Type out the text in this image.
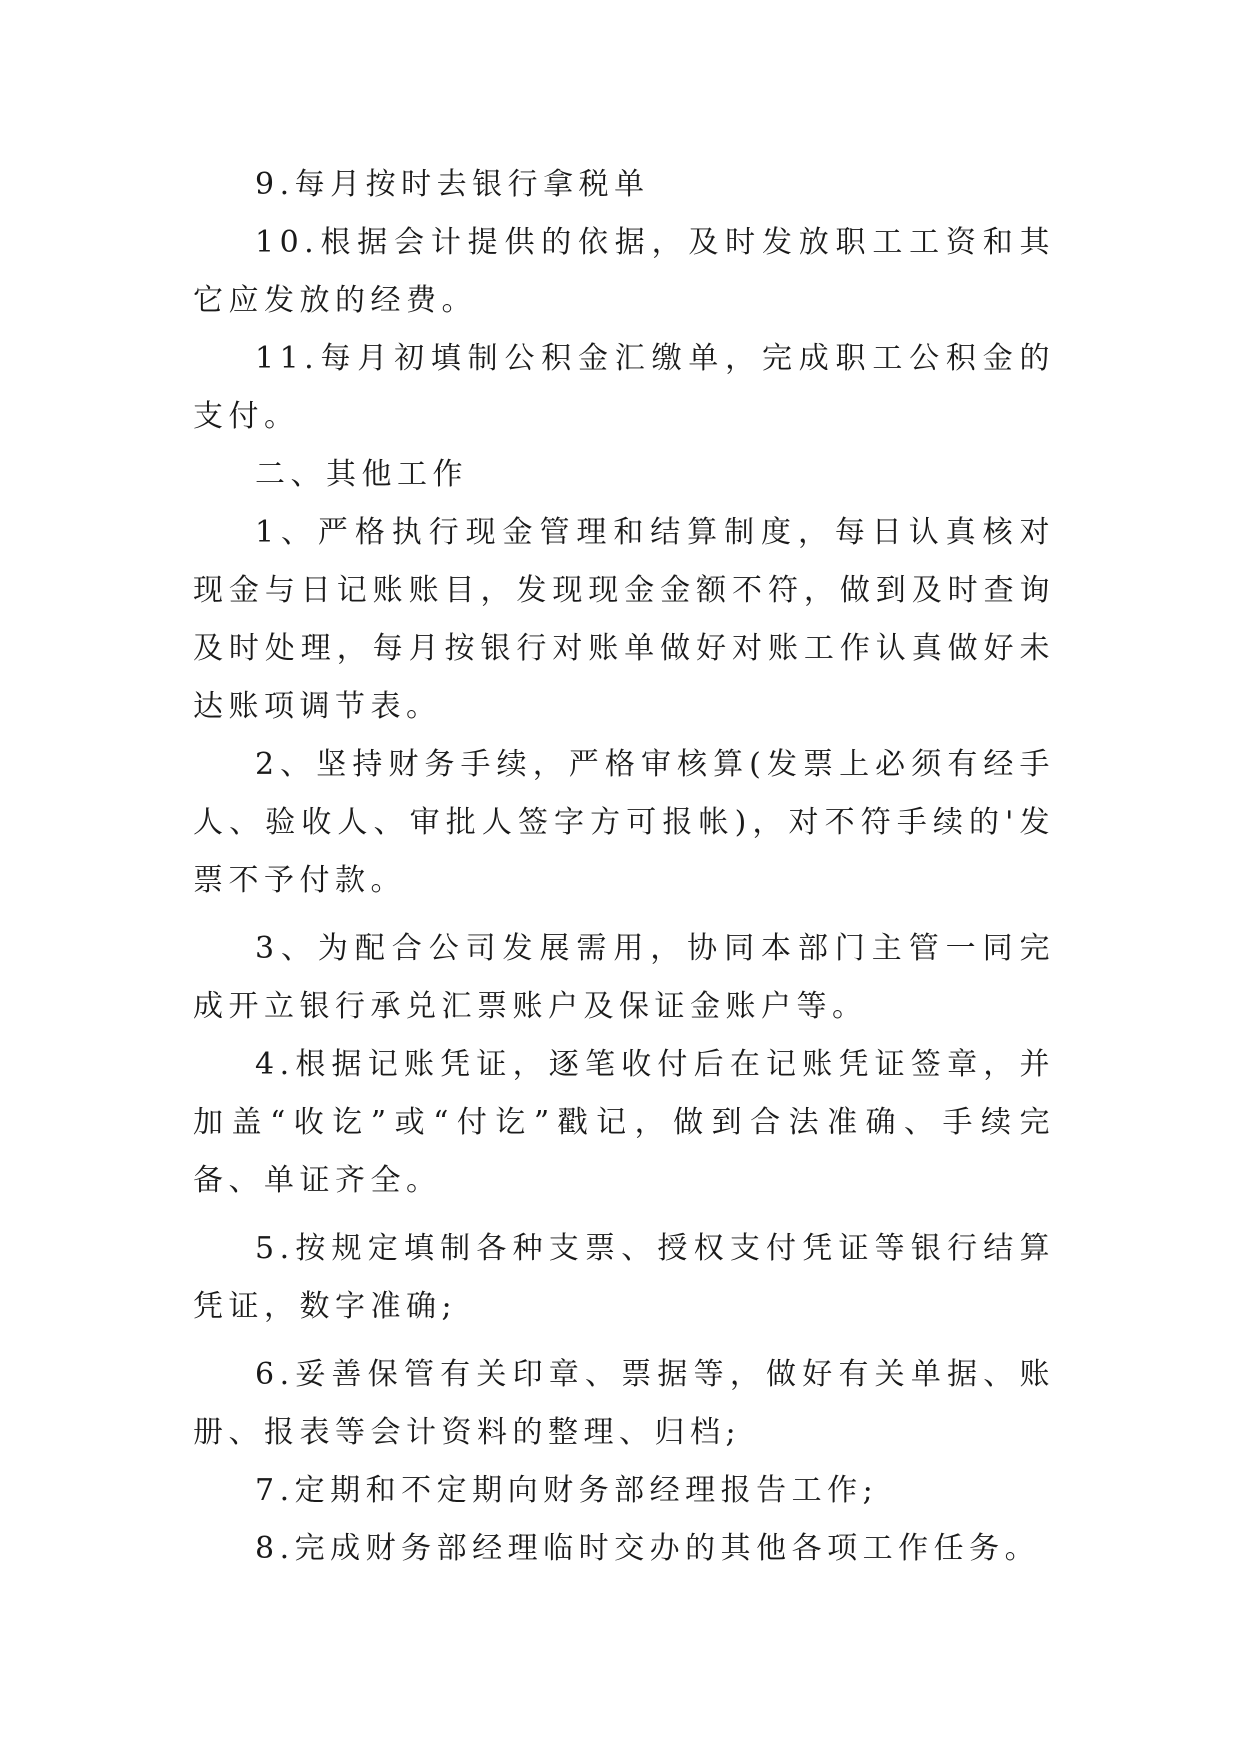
9.每月按时去银行拿税单

10.根据会计提供的依据，及时发放职工工资和其它应发放的经费。

11.每月初填制公积金汇缴单，完成职工公积金的支付。

二、其他工作

1、严格执行现金管理和结算制度，每日认真核对现金与日记账账目，发现现金金额不符，做到及时查询及时处理，每月按银行对账单做好对账工作认真做好未达账项调节表。

2、坚持财务手续，严格审核算(发票上必须有经手人、验收人、审批人签字方可报帐)，对不符手续的'发票不予付款。

3、为配合公司发展需用，协同本部门主管一同完成开立银行承兑汇票账户及保证金账户等。

4.根据记账凭证，逐笔收付后在记账凭证签章，并加盖“收讫”或“付讫”戳记，做到合法准确、手续完备、单证齐全。

5.按规定填制各种支票、授权支付凭证等银行结算凭证，数字准确;

6.妥善保管有关印章、票据等，做好有关单据、账册、报表等会计资料的整理、归档;

7.定期和不定期向财务部经理报告工作;

8.完成财务部经理临时交办的其他各项工作任务。
